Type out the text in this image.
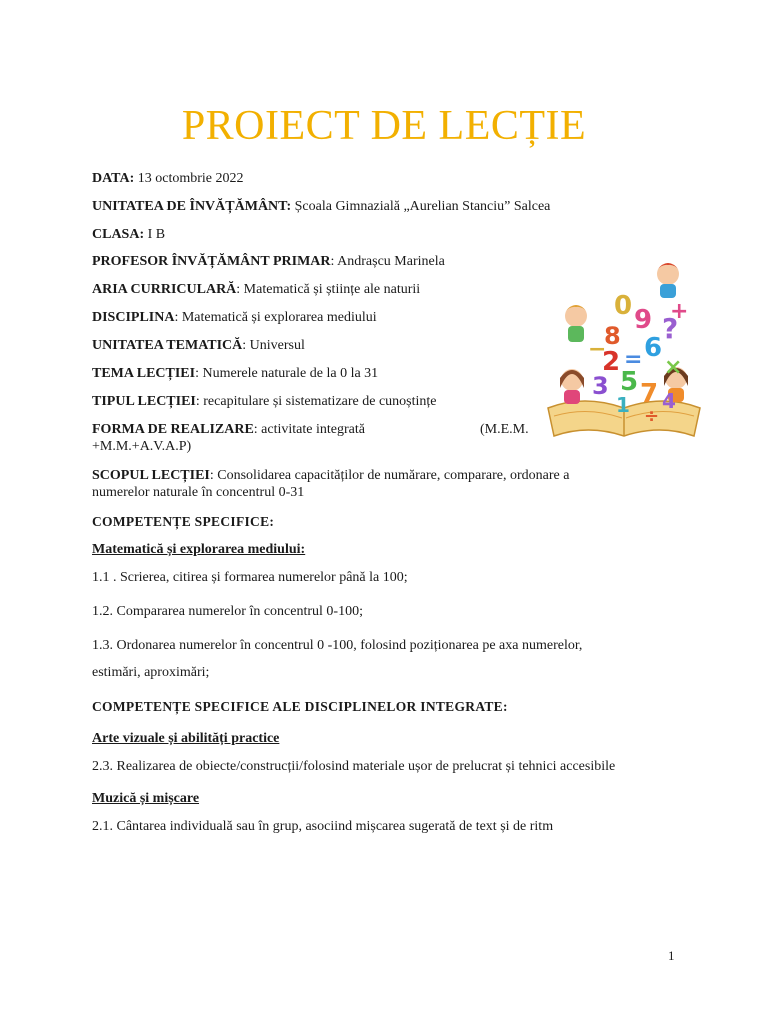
PROIECT DE LECȚIE
DATA: 13 octombrie 2022
UNITATEA DE ÎNVĂȚĂMÂNT: Școala Gimnazială „Aurelian Stanciu” Salcea
CLASA: I B
PROFESOR ÎNVĂȚĂMÂNT PRIMAR: Andrașcu Marinela
ARIA CURRICULARĂ: Matematică și științe ale naturii
DISCIPLINA: Matematică și explorarea mediului
UNITATEA TEMATICĂ: Universul
TEMA LECȚIEI: Numerele naturale de la 0 la 31
TIPUL LECȚIEI: recapitulare și sistematizare de cunoștințe
FORMA DE REALIZARE: activitate integrată	(M.E.M.
+M.M.+A.V.A.P)
SCOPUL LECȚIEI: Consolidarea capacităților de numărare, comparare, ordonare a
numerelor naturale în concentrul 0-31
COMPETENȚE SPECIFICE:
Matematică și explorarea mediului:
1.1 . Scrierea, citirea și formarea numerelor până la 100;
1.2. Compararea numerelor în concentrul 0-100;
1.3. Ordonarea numerelor în concentrul 0 -100, folosind poziționarea pe axa numerelor,
estimări, aproximări;
COMPETENȚE SPECIFICE ALE DISCIPLINELOR INTEGRATE:
Arte vizuale și abilități practice
2.3. Realizarea de obiecte/construcții/folosind materiale ușor de prelucrat și tehnici accesibile
Muzică și mișcare
2.1. Cântarea individuală sau în grup, asociind mișcarea sugerată de text și de ritm
1
0 9
8
2 = 6
3 5 7
1 4
+
×
÷
?
−
